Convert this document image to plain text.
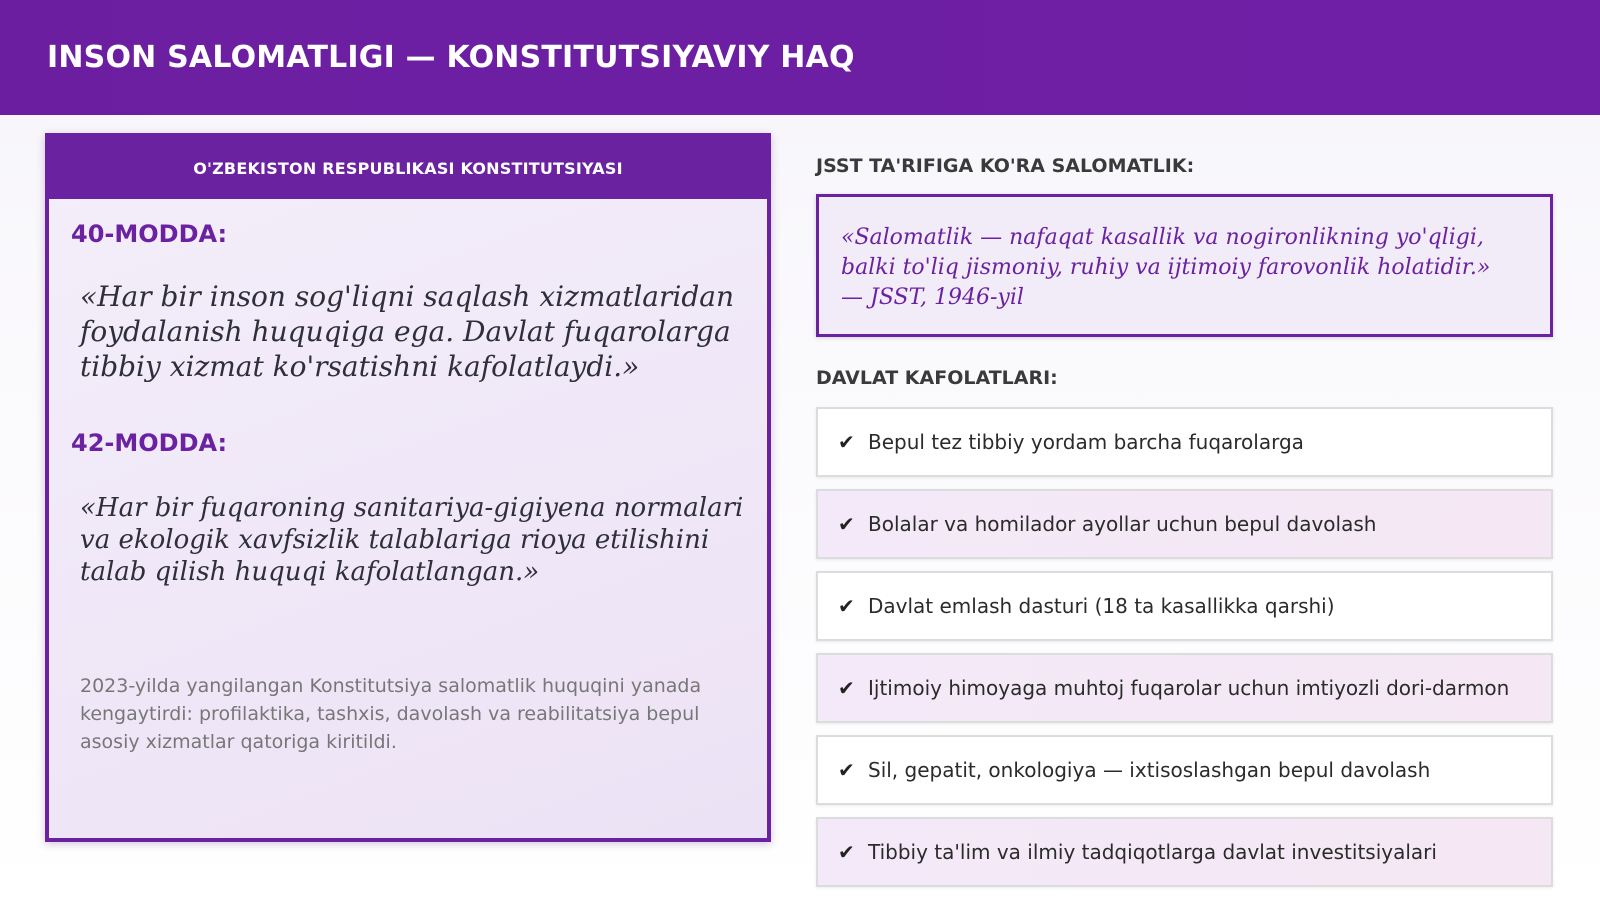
INSON SALOMATLIGI — KONSTITUTSIYAVIY HAQ
O'ZBEKISTON RESPUBLIKASI KONSTITUTSIYASI
40-MODDA:
«Har bir inson sog'liqni saqlash xizmatlaridan foydalanish huquqiga ega. Davlat fuqarolarga tibbiy xizmat ko'rsatishni kafolatlaydi.»
42-MODDA:
«Har bir fuqaroning sanitariya-gigiyena normalari va ekologik xavfsizlik talablariga rioya etilishini talab qilish huquqi kafolatlangan.»
2023-yilda yangilangan Konstitutsiya salomatlik huquqini yanada kengaytirdi: profilaktika, tashxis, davolash va reabilitatsiya bepul asosiy xizmatlar qatoriga kiritildi.
JSST TA'RIFIGA KO'RA SALOMATLIK:
«Salomatlik — nafaqat kasallik va nogironlikning yo'qligi, balki to'liq jismoniy, ruhiy va ijtimoiy farovonlik holatidir.»
— JSST, 1946-yil
DAVLAT KAFOLATLARI:
✔ Bepul tez tibbiy yordam barcha fuqarolarga
✔ Bolalar va homilador ayollar uchun bepul davolash
✔ Davlat emlash dasturi (18 ta kasallikka qarshi)
✔ Ijtimoiy himoyaga muhtoj fuqarolar uchun imtiyozli dori-darmon
✔ Sil, gepatit, onkologiya — ixtisoslashgan bepul davolash
✔ Tibbiy ta'lim va ilmiy tadqiqotlarga davlat investitsiyalari
